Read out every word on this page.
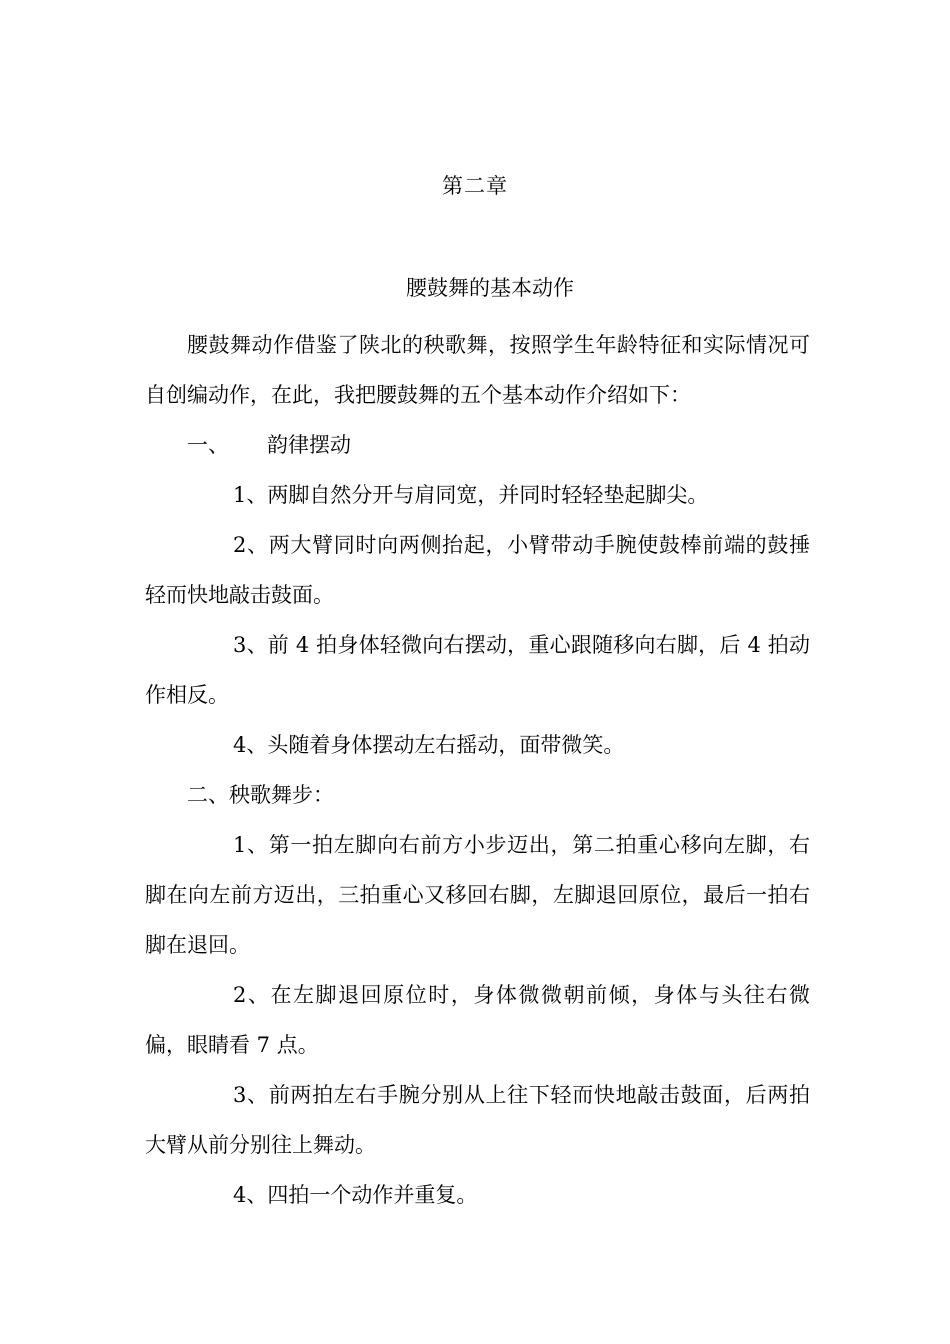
第二章
腰鼓舞的基本动作

腰鼓舞动作借鉴了陕北的秧歌舞，按照学生年龄特征和实际情况可自创编动作，在此，我把腰鼓舞的五个基本动作介绍如下：

一、 韵律摆动

1、两脚自然分开与肩同宽，并同时轻轻垫起脚尖。

2、两大臂同时向两侧抬起，小臂带动手腕使鼓棒前端的鼓捶轻而快地敲击鼓面。

3、前 4 拍身体轻微向右摆动，重心跟随移向右脚，后 4 拍动作相反。

4、头随着身体摆动左右摇动，面带微笑。

二、秧歌舞步：

1、第一拍左脚向右前方小步迈出，第二拍重心移向左脚，右脚在向左前方迈出，三拍重心又移回右脚，左脚退回原位，最后一拍右脚在退回。

2、在左脚退回原位时，身体微微朝前倾，身体与头往右微偏，眼睛看 7 点。

3、前两拍左右手腕分别从上往下轻而快地敲击鼓面，后两拍大臂从前分别往上舞动。

4、四拍一个动作并重复。
